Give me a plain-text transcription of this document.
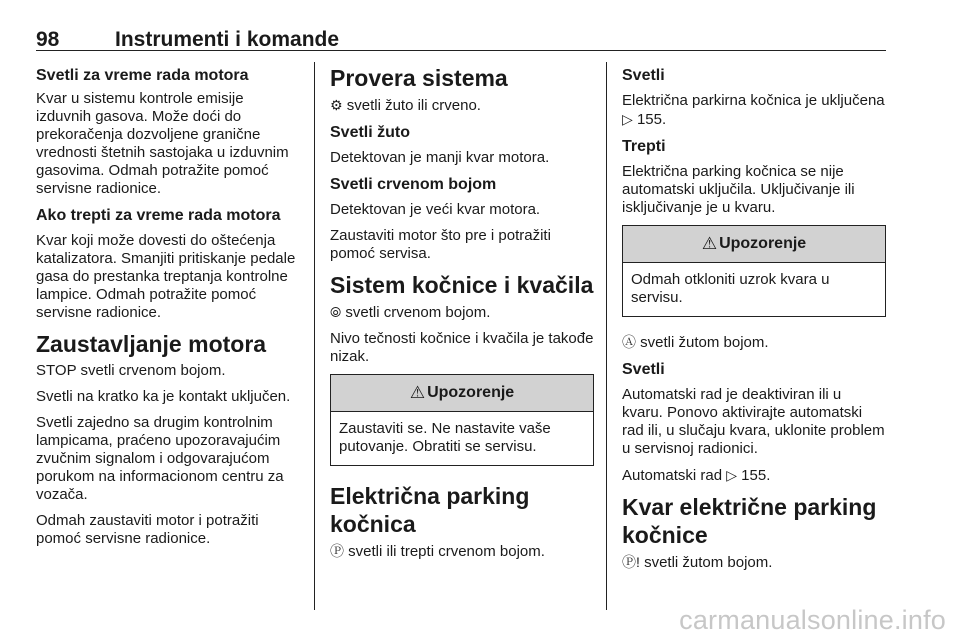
98	Instrumenti i komande
Svetli za vreme rada motora

Kvar u sistemu kontrole emisije izduvnih gasova. Može doći do prekoračenja dozvoljene granične vrednosti štetnih sastojaka u izduvnim gasovima. Odmah potražite pomoć servisne radionice.

Ako trepti za vreme rada motora

Kvar koji može dovesti do oštećenja katalizatora. Smanjiti pritiskanje pedale gasa do prestanka treptanja kontrolne lampice. Odmah potražite pomoć servisne radionice.

Zaustavljanje motora

STOP svetli crvenom bojom.

Svetli na kratko ka je kontakt uključen.

Svetli zajedno sa drugim kontrolnim lampicama, praćeno upozoravajućim zvučnim signalom i odgovarajućom porukom na informacionom centru za vozača.

Odmah zaustaviti motor i potražiti pomoć servisne radionice.

Provera sistema

⚙ svetli žuto ili crveno.

Svetli žuto

Detektovan je manji kvar motora.

Svetli crvenom bojom

Detektovan je veći kvar motora.

Zaustaviti motor što pre i potražiti pomoć servisa.

Sistem kočnice i kvačila

⦾ svetli crvenom bojom.

Nivo tečnosti kočnice i kvačila je takođe nizak.

⚠ Upozorenje

Zaustaviti se. Ne nastavite vaše putovanje. Obratiti se servisu.

Električna parking kočnica

Ⓟ svetli ili trepti crvenom bojom.

Svetli

Električna parkirna kočnica je uključena ▷ 155.

Trepti

Električna parking kočnica se nije automatski uključila. Uključivanje ili isključivanje je u kvaru.

⚠ Upozorenje

Odmah otkloniti uzrok kvara u servisu.

Ⓐ svetli žutom bojom.

Svetli

Automatski rad je deaktiviran ili u kvaru. Ponovo aktivirajte automatski rad ili, u slučaju kvara, uklonite problem u servisnoj radionici.

Automatski rad ▷ 155.

Kvar električne parking kočnice

Ⓟ! svetli žutom bojom.

carmanualsonline.info
